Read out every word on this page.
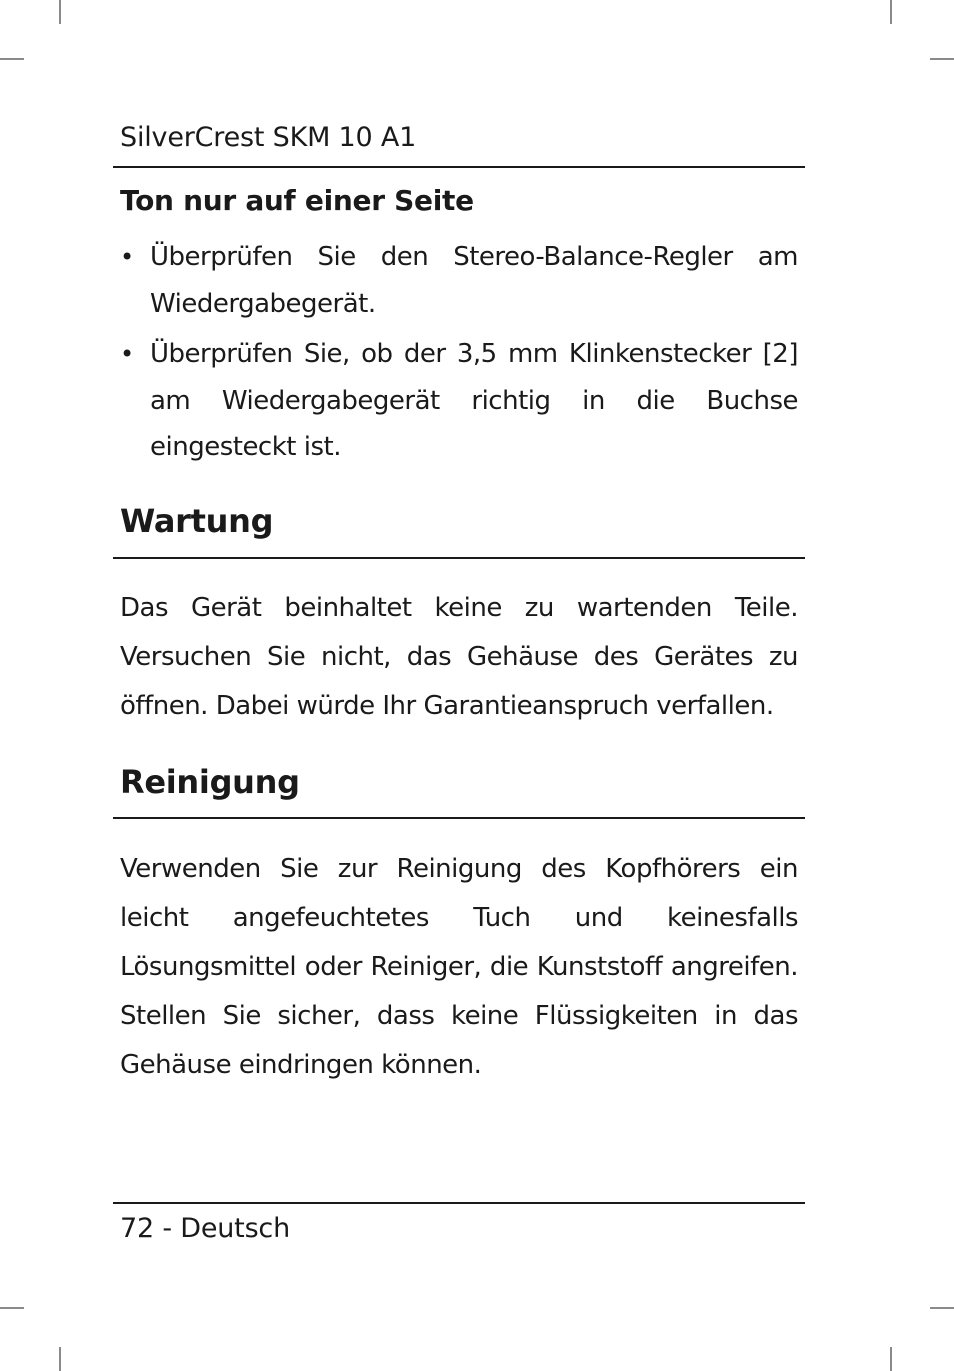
SilverCrest SKM 10 A1
Ton nur auf einer Seite
• Überprüfen Sie den Stereo-Balance-Regler am Wiedergabegerät.
• Überprüfen Sie, ob der 3,5 mm Klinkenstecker [2] am Wiedergabegerät richtig in die Buchse eingesteckt ist.
Wartung

Das Gerät beinhaltet keine zu wartenden Teile. Versuchen Sie nicht, das Gehäuse des Gerätes zu öffnen. Dabei würde Ihr Garantieanspruch verfallen.

Reinigung

Verwenden Sie zur Reinigung des Kopfhörers ein leicht angefeuchtetes Tuch und keinesfalls Lösungsmittel oder Reiniger, die Kunststoff angreifen. Stellen Sie sicher, dass keine Flüssigkeiten in das Gehäuse eindringen können.

72 - Deutsch
